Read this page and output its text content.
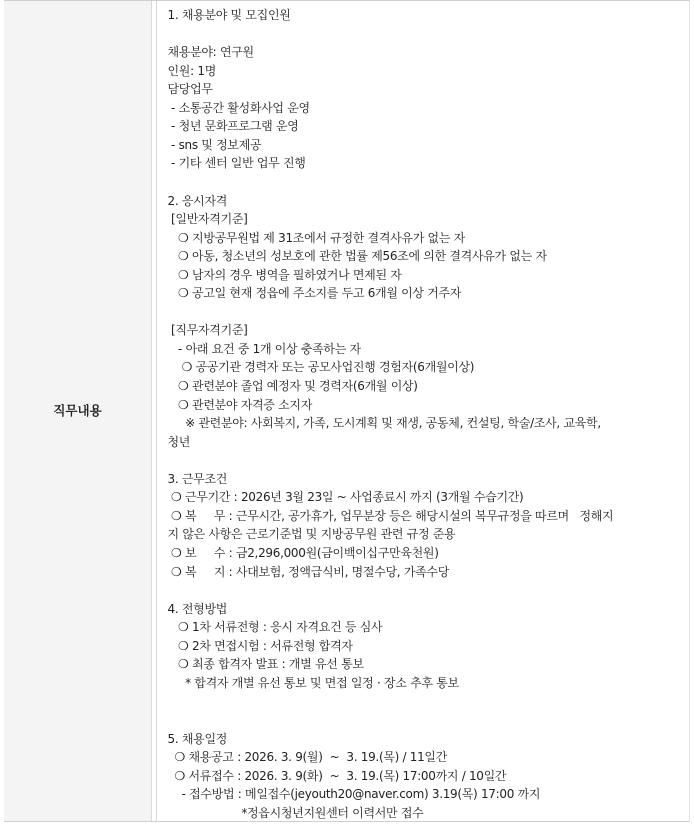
직무내용
1. 채용분야 및 모집인원
채용분야: 연구원
인원: 1명
담당업무
- 소통공간 활성화사업 운영
- 청년 문화프로그램 운영
- sns 및 정보제공
- 기타 센터 일반 업무 진행
2. 응시자격
[일반자격기준]
❍ 지방공무원법 제 31조에서 규정한 결격사유가 없는 자
❍ 아동, 청소년의 성보호에 관한 법률 제56조에 의한 결격사유가 없는 자
❍ 남자의 경우 병역을 필하였거나 면제된 자
❍ 공고일 현재 정읍에 주소지를 두고 6개월 이상 거주자
[직무자격기준]
- 아래 요건 중 1개 이상 충족하는 자
❍ 공공기관 경력자 또는 공모사업진행 경험자(6개월이상)
❍ 관련분야 졸업 예정자 및 경력자(6개월 이상)
❍ 관련분야 자격증 소지자
※ 관련분야: 사회복지, 가족, 도시계획 및 재생, 공동체, 컨설팅, 학술/조사, 교육학,
청년
3. 근무조건
❍ 근무기간 : 2026년 3월 23일 ~ 사업종료시 까지 (3개월 수습기간)
❍ 복     무 : 근무시간, 공가휴가, 업무분장 등은 해당시설의 복무규정을 따르며   정해지
지 않은 사항은 근로기준법 및 지방공무원 관련 규정 준용
❍ 보     수 : 금2,296,000원(금이백이십구만육천원)
❍ 복     지 : 사대보험, 정액급식비, 명절수당, 가족수당
4. 전형방법
❍ 1차 서류전형 : 응시 자격요건 등 심사
❍ 2차 면접시험 : 서류전형 합격자
❍ 최종 합격자 발표 : 개별 유선 통보
* 합격자 개별 유선 통보 및 면접 일정 · 장소 추후 통보
5. 채용일정
❍ 채용공고 : 2026. 3. 9(월)  ~  3. 19.(목) / 11일간
❍ 서류접수 : 2026. 3. 9(화)  ~  3. 19.(목) 17:00까지 / 10일간
- 접수방법 : 메일접수(jeyouth20@naver.com) 3.19(목) 17:00 까지
*정읍시청년지원센터 이력서만 접수
